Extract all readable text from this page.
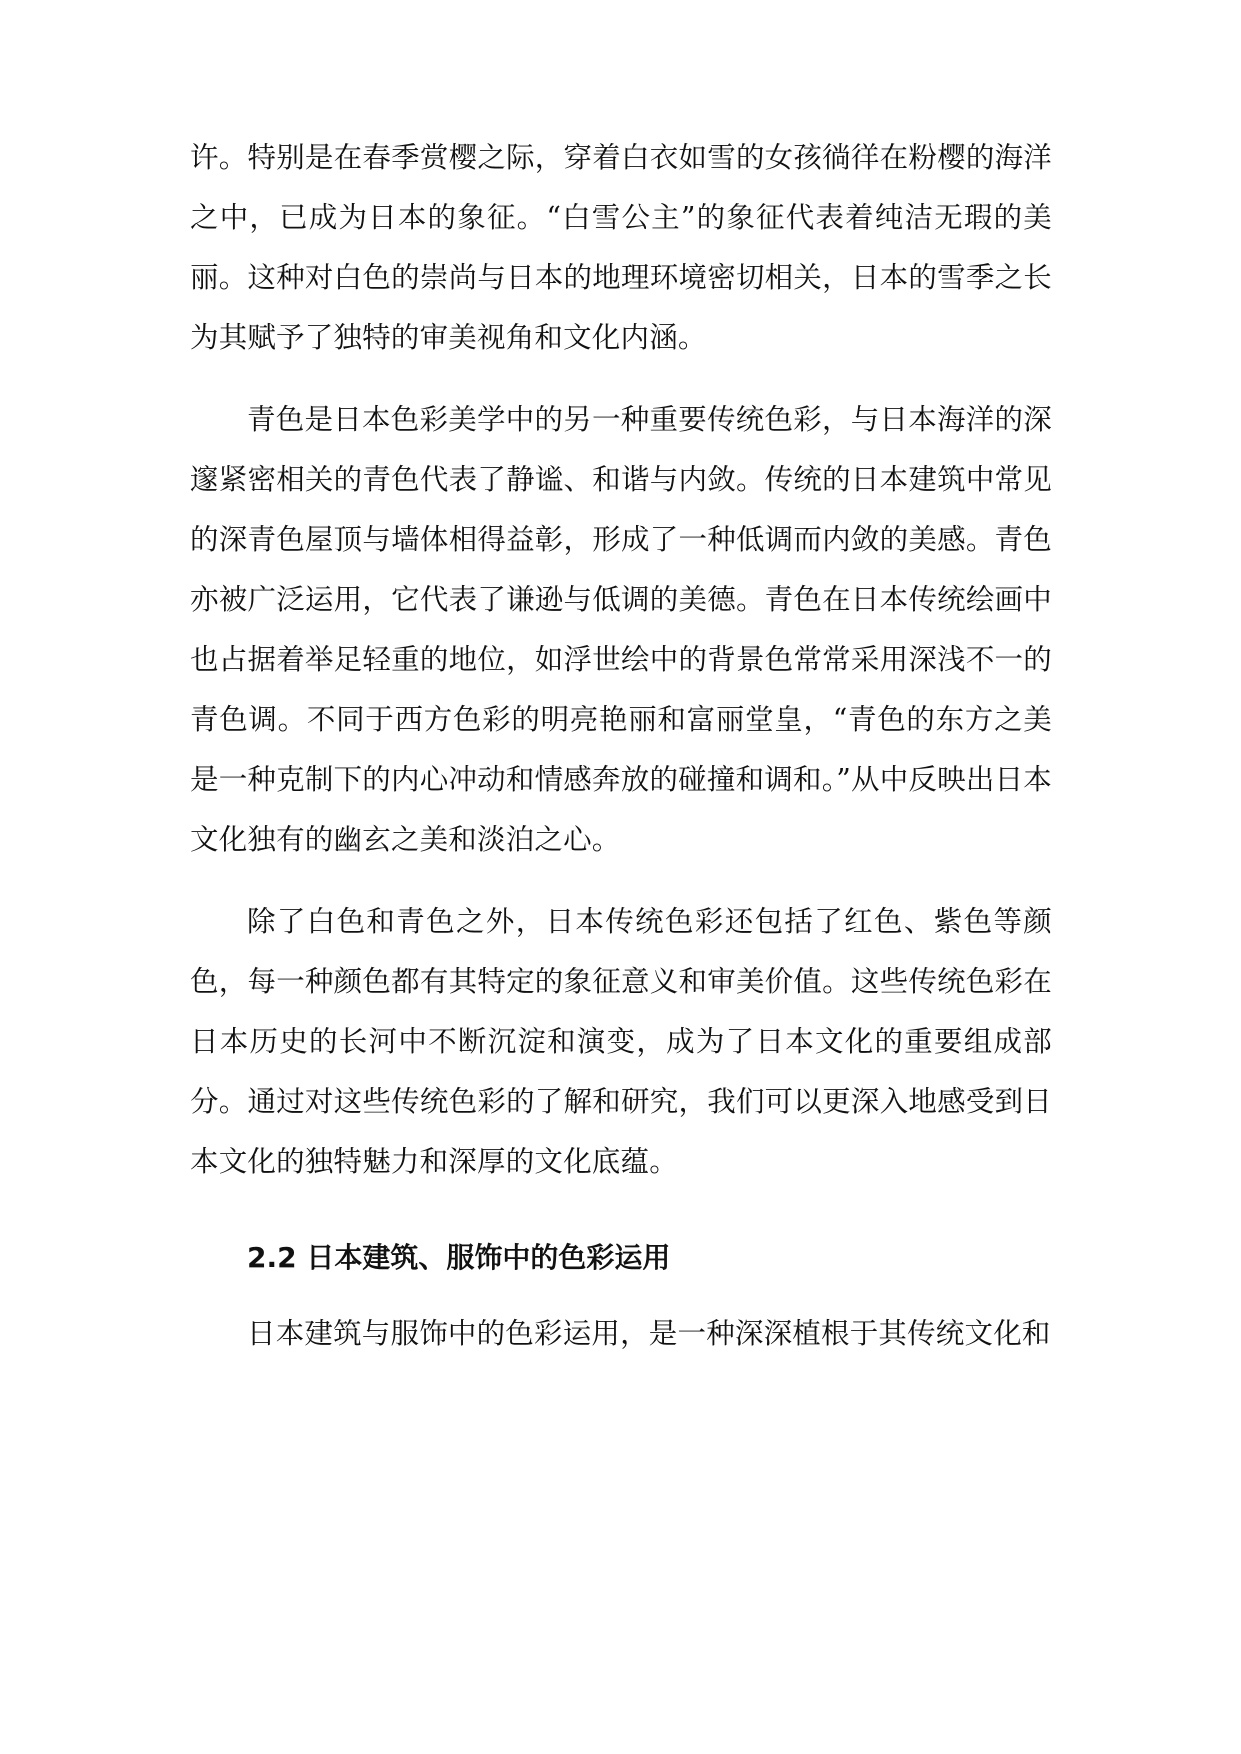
许。特别是在春季赏樱之际，穿着白衣如雪的女孩徜徉在粉樱的海洋之中，已成为日本的象征。“白雪公主”的象征代表着纯洁无瑕的美丽。这种对白色的崇尚与日本的地理环境密切相关，日本的雪季之长为其赋予了独特的审美视角和文化内涵。

青色是日本色彩美学中的另一种重要传统色彩，与日本海洋的深邃紧密相关的青色代表了静谧、和谐与内敛。传统的日本建筑中常见的深青色屋顶与墙体相得益彰，形成了一种低调而内敛的美感。青色亦被广泛运用，它代表了谦逊与低调的美德。青色在日本传统绘画中也占据着举足轻重的地位，如浮世绘中的背景色常常采用深浅不一的青色调。不同于西方色彩的明亮艳丽和富丽堂皇，“青色的东方之美是一种克制下的内心冲动和情感奔放的碰撞和调和。”从中反映出日本文化独有的幽玄之美和淡泊之心。

除了白色和青色之外，日本传统色彩还包括了红色、紫色等颜色，每一种颜色都有其特定的象征意义和审美价值。这些传统色彩在日本历史的长河中不断沉淀和演变，成为了日本文化的重要组成部分。通过对这些传统色彩的了解和研究，我们可以更深入地感受到日本文化的独特魅力和深厚的文化底蕴。

2.2 日本建筑、服饰中的色彩运用

日本建筑与服饰中的色彩运用，是一种深深植根于其传统文化和
